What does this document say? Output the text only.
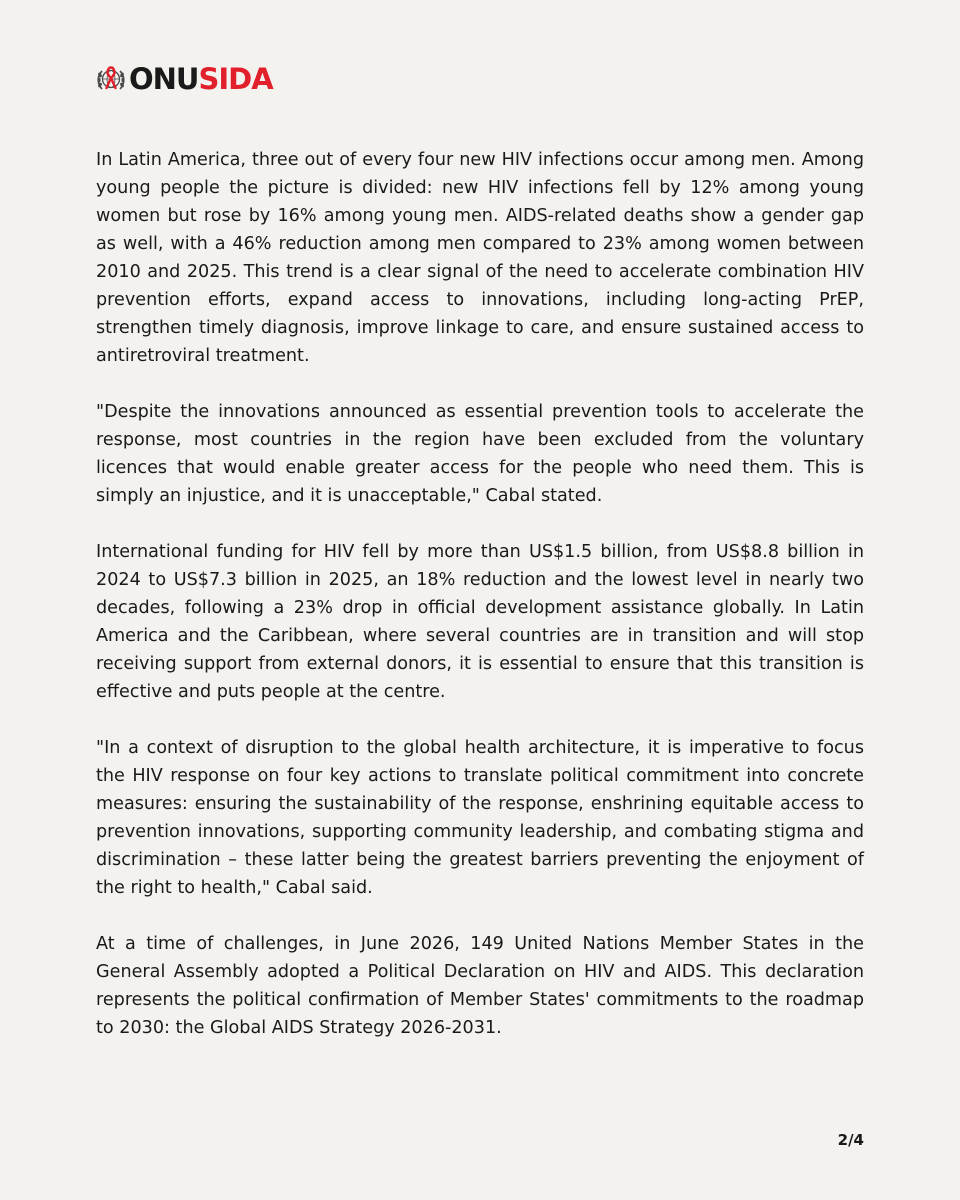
ONUSIDA

In Latin America, three out of every four new HIV infections occur among men. Among young people the picture is divided: new HIV infections fell by 12% among young women but rose by 16% among young men. AIDS-related deaths show a gender gap as well, with a 46% reduction among men compared to 23% among women between 2010 and 2025. This trend is a clear signal of the need to accelerate combination HIV prevention efforts, expand access to innovations, including long-acting PrEP, strengthen timely diagnosis, improve linkage to care, and ensure sustained access to antiretroviral treatment.

"Despite the innovations announced as essential prevention tools to accelerate the response, most countries in the region have been excluded from the voluntary licences that would enable greater access for the people who need them. This is simply an injustice, and it is unacceptable," Cabal stated.

International funding for HIV fell by more than US$1.5 billion, from US$8.8 billion in 2024 to US$7.3 billion in 2025, an 18% reduction and the lowest level in nearly two decades, following a 23% drop in official development assistance globally. In Latin America and the Caribbean, where several countries are in transition and will stop receiving support from external donors, it is essential to ensure that this transition is effective and puts people at the centre.

"In a context of disruption to the global health architecture, it is imperative to focus the HIV response on four key actions to translate political commitment into concrete measures: ensuring the sustainability of the response, enshrining equitable access to prevention innovations, supporting community leadership, and combating stigma and discrimination – these latter being the greatest barriers preventing the enjoyment of the right to health," Cabal said.

At a time of challenges, in June 2026, 149 United Nations Member States in the General Assembly adopted a Political Declaration on HIV and AIDS. This declaration represents the political confirmation of Member States' commitments to the roadmap to 2030: the Global AIDS Strategy 2026-2031.

2/4
